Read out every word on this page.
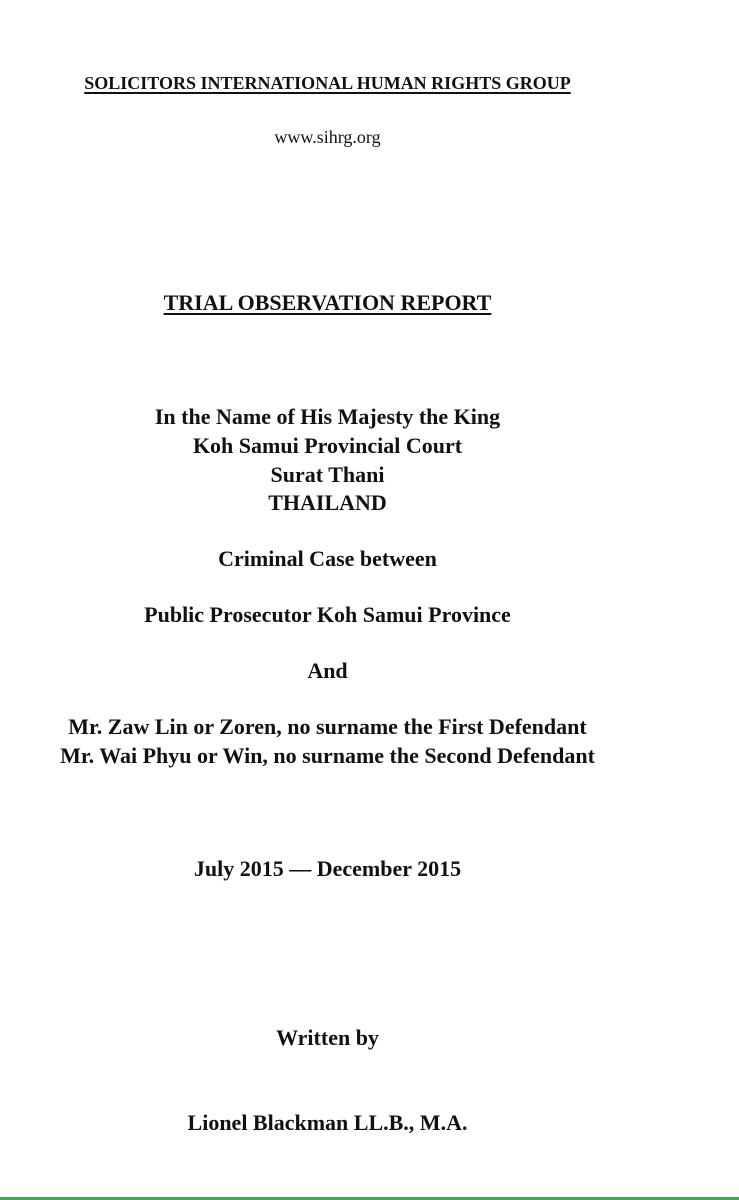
SOLICITORS INTERNATIONAL HUMAN RIGHTS GROUP
www.sihrg.org
TRIAL OBSERVATION REPORT
In the Name of His Majesty the King
Koh Samui Provincial Court
Surat Thani
THAILAND
Criminal Case between
Public Prosecutor Koh Samui Province
And
Mr. Zaw Lin or Zoren, no surname the First Defendant
Mr. Wai Phyu or Win, no surname the Second Defendant
July 2015 — December 2015
Written by
Lionel Blackman LL.B., M.A.
